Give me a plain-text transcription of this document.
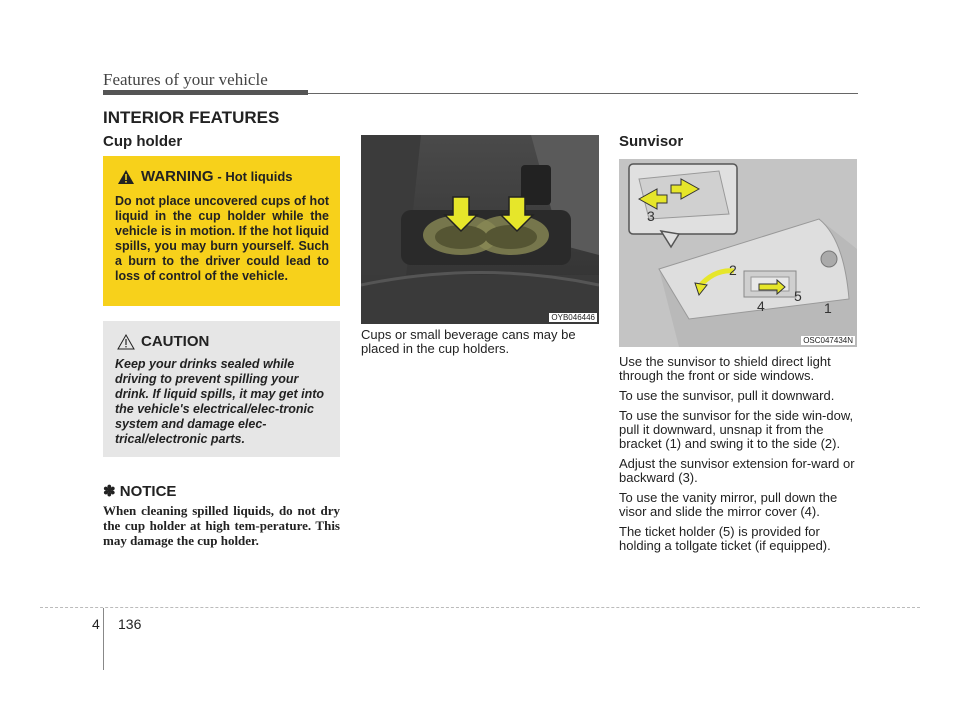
Features of your vehicle
INTERIOR FEATURES
Cup holder
WARNING
- Hot liquids
Do not place uncovered cups of hot liquid in the cup holder while the vehicle is in motion. If the hot liquid spills, you may burn yourself. Such a burn to the driver could lead to loss of control of the vehicle.
CAUTION
Keep your drinks sealed while driving to prevent spilling your drink. If liquid spills, it may get into the vehicle's electrical/elec-tronic system and damage elec-trical/electronic parts.
✽ NOTICE
When cleaning spilled liquids, do not dry the cup holder at high tem-perature. This may damage the cup holder.
OYB046446
Cups or small beverage cans may be placed in the cup holders.
Sunvisor
3
2
5
4	1
OSC047434N

Use the sunvisor to shield direct light through the front or side windows.

To use the sunvisor, pull it downward.

To use the sunvisor for the side win-dow, pull it downward, unsnap it from the bracket (1) and swing it to the side (2).

Adjust the sunvisor extension for-ward or backward (3).

To use the vanity mirror, pull down the visor and slide the mirror cover (4).

The ticket holder (5) is provided for holding a tollgate ticket (if equipped).

4 136
